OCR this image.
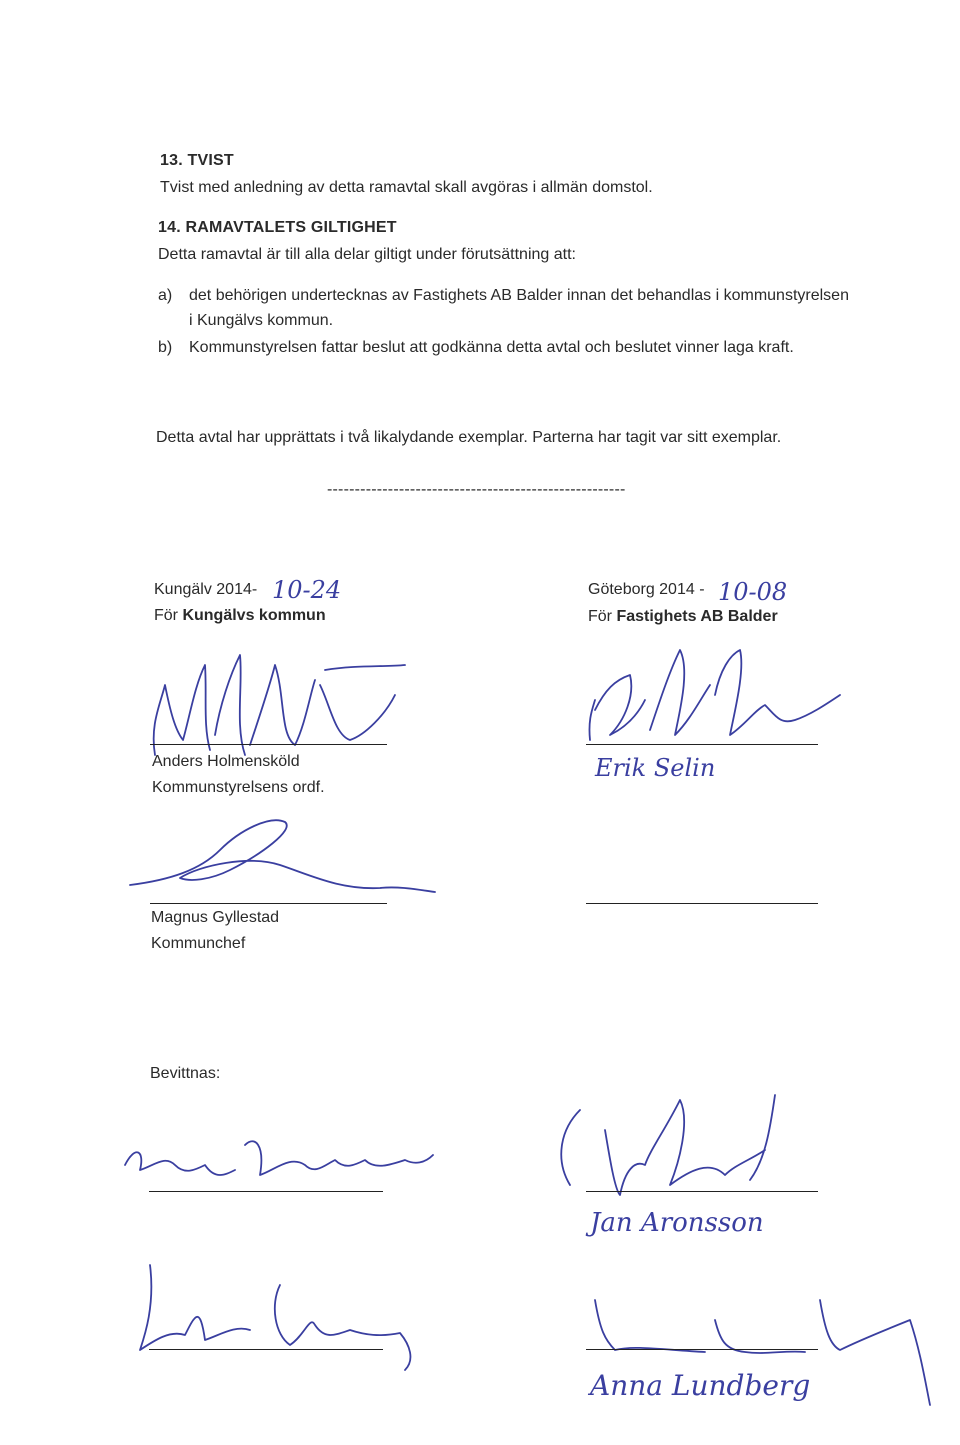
13. TVIST
Tvist med anledning av detta ramavtal skall avgöras i allmän domstol.
14. RAMAVTALETS GILTIGHET
Detta ramavtal är till alla delar giltigt under förutsättning att:
a) det behörigen undertecknas av Fastighets AB Balder innan det behandlas i kommunstyrelsen
i Kungälvs kommun.
b) Kommunstyrelsen fattar beslut att godkänna detta avtal och beslutet vinner laga kraft.
Detta avtal har upprättats i två likalydande exemplar. Parterna har tagit var sitt exemplar.
------------------------------------------------------
Kungälv 2014- 10-24
För Kungälvs kommun
Göteborg 2014 - 10-08
För Fastighets AB Balder
Anders Holmensköld
Kommunstyrelsens ordf.
Magnus Gyllestad
Kommunchef
Erik Selin
Bevittnas:
Jan Aronsson
Anna Lundberg
